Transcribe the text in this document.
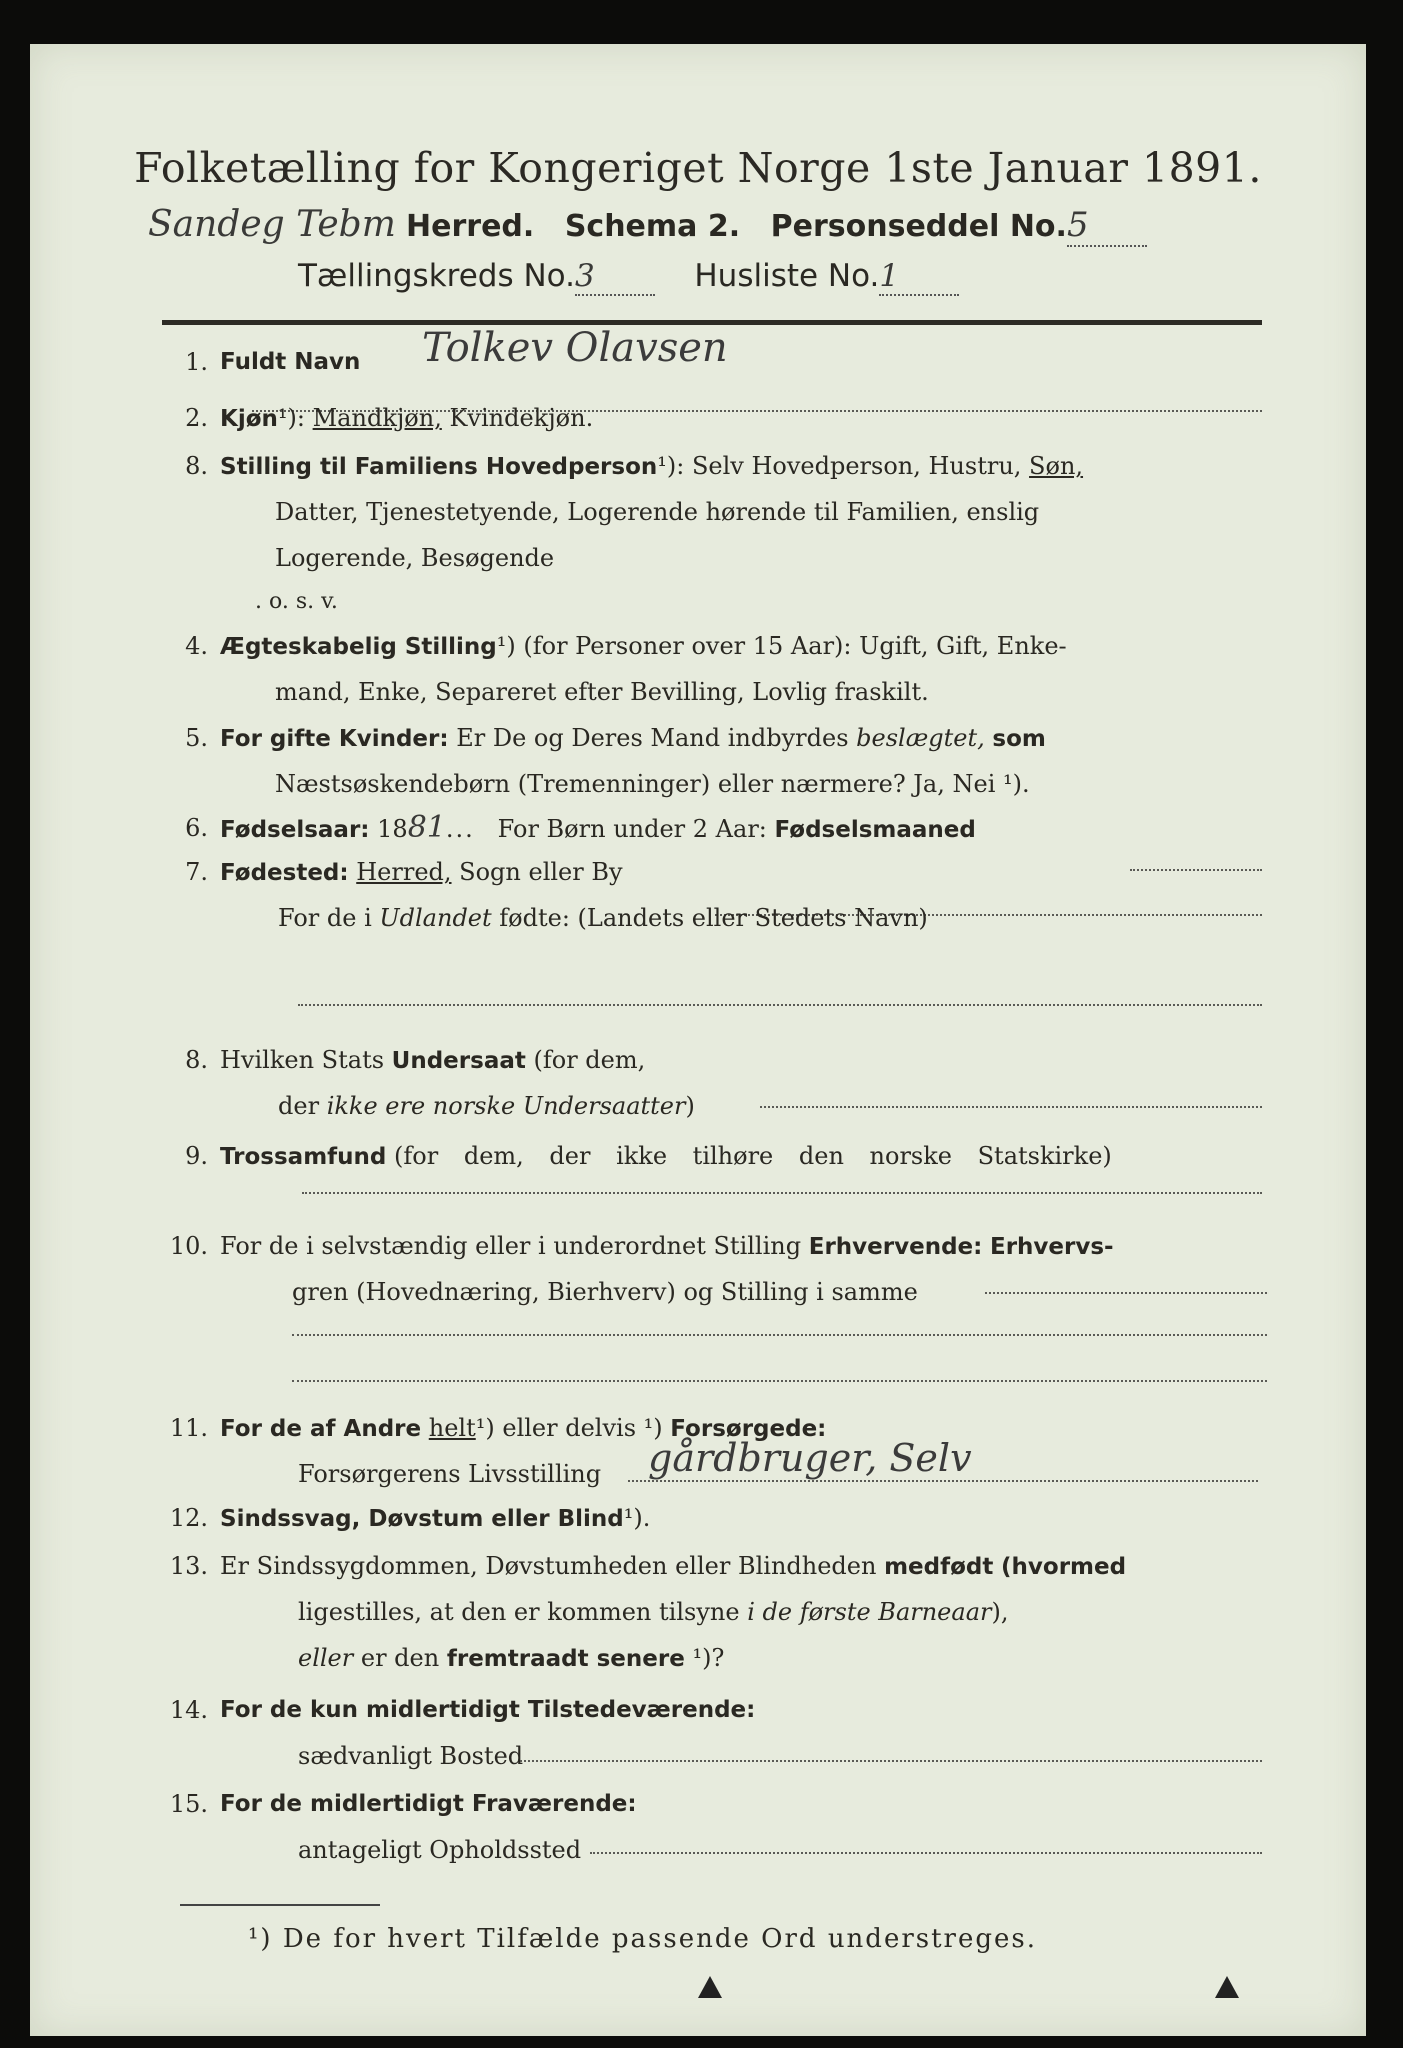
Folketælling for Kongeriget Norge 1ste Januar 1891.
Sandeg Tebm Herred. Schema 2. Personseddel No.5
Tællingskreds No.3	Husliste No.1
1. Fuldt Navn Tolkev Olavsen
2. Kjøn¹): Mandkjøn, Kvindekjøn.
8. Stilling til Familiens Hovedperson¹): Selv Hovedperson, Hustru, Søn,
Datter, Tjenestetyende, Logerende hørende til Familien, enslig
Logerende, Besøgende
. o. s. v.
4. Ægteskabelig Stilling¹) (for Personer over 15 Aar): Ugift, Gift, Enke-
mand, Enke, Separeret efter Bevilling, Lovlig fraskilt.
5. For gifte Kvinder: Er De og Deres Mand indbyrdes beslægtet, som
Næstsøskendebørn (Tremenninger) eller nærmere? Ja, Nei ¹).
6. Fødselsaar: 1881... For Børn under 2 Aar: Fødselsmaaned
7. Fødested: Herred, Sogn eller By
For de i Udlandet fødte: (Landets eller Stedets Navn)
8. Hvilken Stats Undersaat (for dem,
der ikke ere norske Undersaatter)
9. Trossamfund (for dem, der ikke tilhøre den norske Statskirke)
10. For de i selvstændig eller i underordnet Stilling Erhvervende: Erhvervs-
gren (Hovednæring, Bierhverv) og Stilling i samme
11. For de af Andre helt¹) eller delvis ¹) Forsørgede:
Forsørgerens Livsstilling gårdbruger, Selv
12. Sindssvag, Døvstum eller Blind¹).
13. Er Sindssygdommen, Døvstumheden eller Blindheden medfødt (hvormed
ligestilles, at den er kommen tilsyne i de første Barneaar),
eller er den fremtraadt senere ¹)?
14. For de kun midlertidigt Tilstedeværende:
sædvanligt Bosted
15. For de midlertidigt Fraværende:
antageligt Opholdssted
¹) De for hvert Tilfælde passende Ord understreges.
